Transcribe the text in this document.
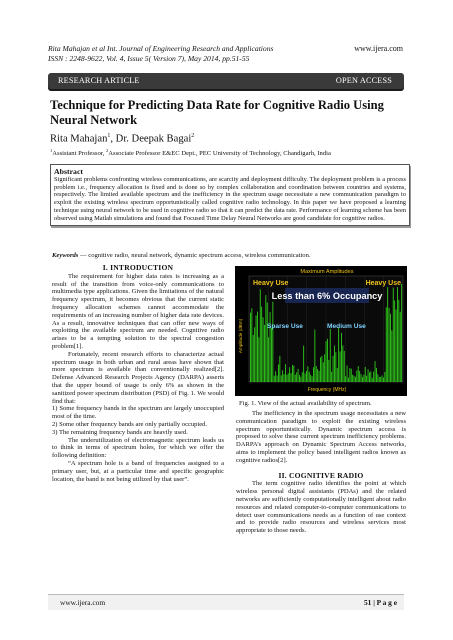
Rita Mahajan et al Int. Journal of Engineering Research and Applications
ISSN : 2248-9622, Vol. 4, Issue 5( Version 7), May 2014, pp.51-55
www.ijera.com
RESEARCH ARTICLE	OPEN ACCESS
Technique for Predicting Data Rate for Cognitive Radio Using Neural Network
Rita Mahajan$^1$, Dr. Deepak Bagai$^2$
$^1$Assistant Professor, $^2$Associate Professor E&EC Dept., PEC University of Technology, Chandigarh, India
Abstract

Significant problems confronting wireless communications, are scarcity and deployment difficulty. The deployment problem is a process problem i.e., frequency allocation is fixed and is done so by complex collaboration and coordination between countries and systems, respectively. The limited available spectrum and the inefficiency in the spectrum usage necessitate a new communication paradigm to exploit the existing wireless spectrum opportunistically called cognitive radio technology. In this paper we have proposed a learning technique using neural network to be used in cognitive radio so that it can predict the data rate. Performance of learning scheme has been observed using Matlab simulations and found that Focused Time Delay Neural Networks are good candidate for cognitive radios.

Keywords — cognitive radio, neural network, dynamic spectrum access, wireless communication.
I. INTRODUCTION

The requirement for higher data rates is increasing as a result of the transition from voice-only communications to multimedia type applications. Given the limitations of the natural frequency spectrum, it becomes obvious that the current static frequency allocation schemes cannot accommodate the requirements of an increasing number of higher data rate devices. As a result, innovative techniques that can offer new ways of exploiting the available spectrum are needed. Cognitive radio arises to be a tempting solution to the spectral congestion problem[1].

Fortunately, recent research efforts to characterize actual spectrum usage in both urban and rural areas have shown that more spectrum is available than conventionally realized[2]. Defense Advanced Research Projects Agency (DARPA) asserts that the upper bound of usage is only 6% as shown in the sanitized power spectrum distribution (PSD) of Fig. 1. We would find that:

1) Some frequency bands in the spectrum are largely unoccupied most of the time.

2) Some other frequency bands are only partially occupied.

3) The remaining frequency bands are heavily used.

The underutilization of electromagnetic spectrum leads us to think in terms of spectrum holes, for which we offer the following definition:

“A spectrum hole is a band of frequencies assigned to a primary user, but, at a particular time and specific geographic location, the band is not being utilized by that user”.

Maximum Amplitudes
Heavy Use	Heavy Use
Less than 6% Occupancy
Sparse Use	Medium Use
Amplitude (dBm)
Frequency (MHz)
Fig. 1. View of the actual availability of spectrum.

The inefficiency in the spectrum usage necessitates a new communication paradigm to exploit the existing wireless spectrum opportunistically. Dynamic spectrum access is proposed to solve these current spectrum inefficiency problems. DARPA’s approach on Dynamic Spectrum Access networks, aims to implement the policy based intelligent radios known as cognitive radios[2].

II. COGNITIVE RADIO

The term cognitive radio identifies the point at which wireless personal digital assistants (PDAs) and the related networks are sufficiently computationally intelligent about radio resources and related computer-to-computer communications to detect user communications needs as a function of use context and to provide radio resources and wireless services most appropriate to those needs.

www.ijera.com	51 | P a g e
